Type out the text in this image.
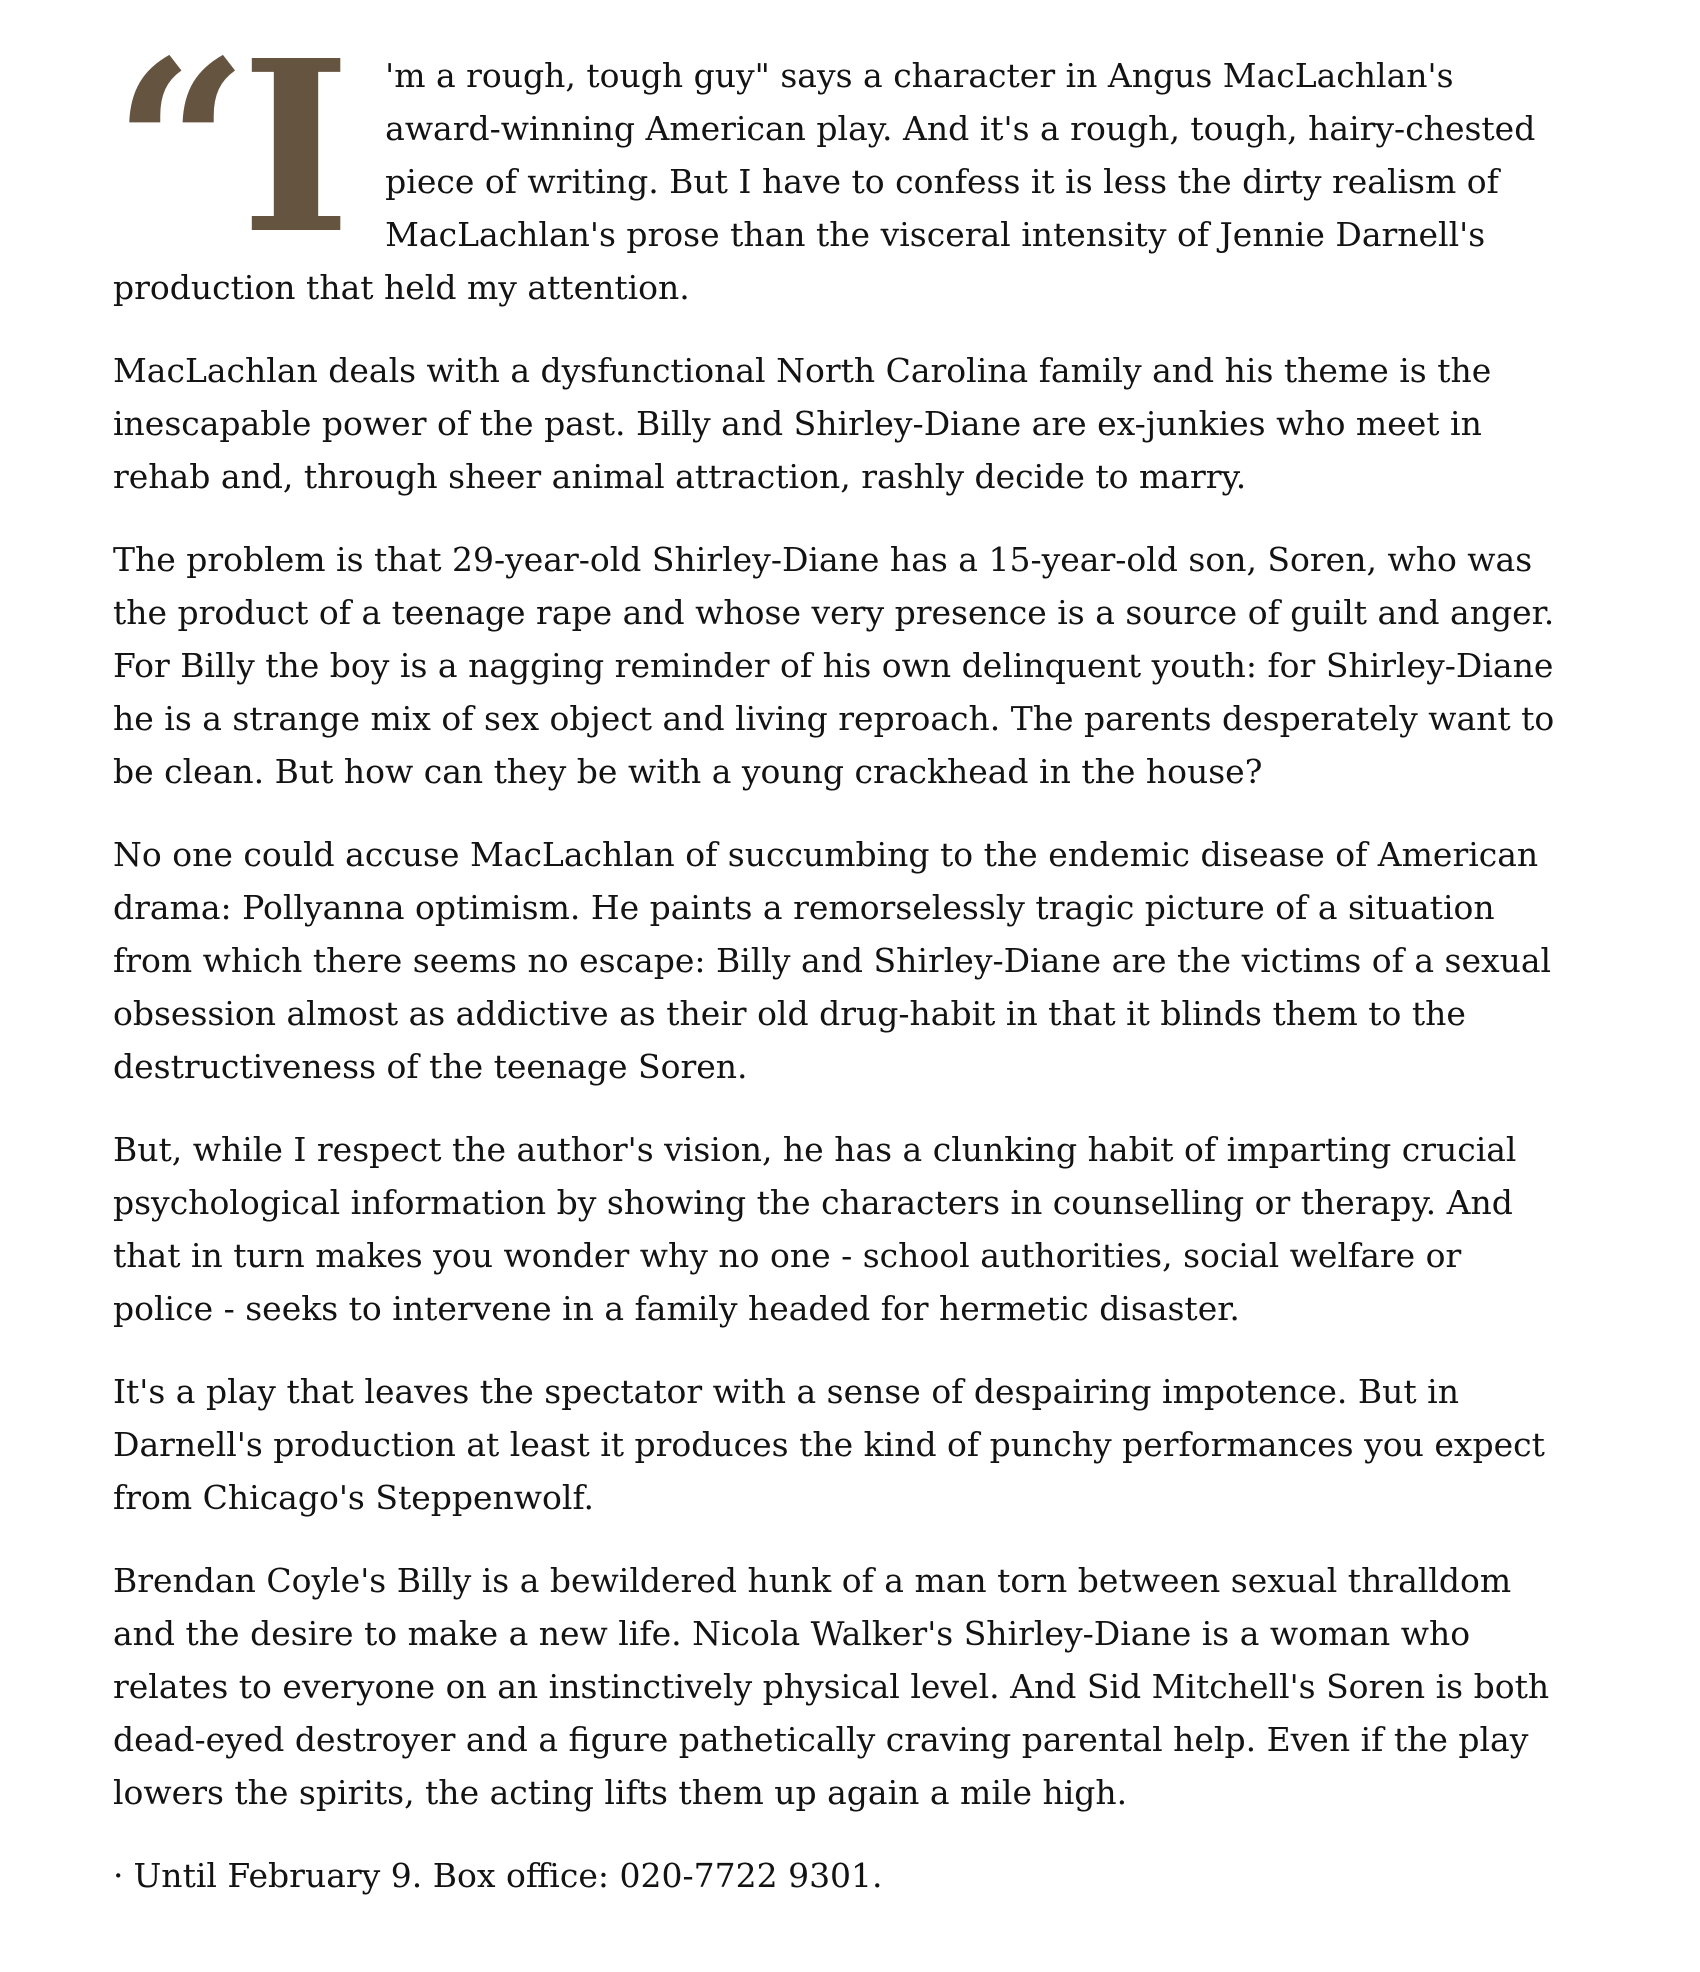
“I 'm a rough, tough guy" says a character in Angus MacLachlan's award-winning American play. And it's a rough, tough, hairy-chested piece of writing. But I have to confess it is less the dirty realism of MacLachlan's prose than the visceral intensity of Jennie Darnell's production that held my attention.

MacLachlan deals with a dysfunctional North Carolina family and his theme is the inescapable power of the past. Billy and Shirley-Diane are ex-junkies who meet in rehab and, through sheer animal attraction, rashly decide to marry.

The problem is that 29-year-old Shirley-Diane has a 15-year-old son, Soren, who was the product of a teenage rape and whose very presence is a source of guilt and anger. For Billy the boy is a nagging reminder of his own delinquent youth: for Shirley-Diane he is a strange mix of sex object and living reproach. The parents desperately want to be clean. But how can they be with a young crackhead in the house?

No one could accuse MacLachlan of succumbing to the endemic disease of American drama: Pollyanna optimism. He paints a remorselessly tragic picture of a situation from which there seems no escape: Billy and Shirley-Diane are the victims of a sexual obsession almost as addictive as their old drug-habit in that it blinds them to the destructiveness of the teenage Soren.

But, while I respect the author's vision, he has a clunking habit of imparting crucial psychological information by showing the characters in counselling or therapy. And that in turn makes you wonder why no one - school authorities, social welfare or police - seeks to intervene in a family headed for hermetic disaster.

It's a play that leaves the spectator with a sense of despairing impotence. But in Darnell's production at least it produces the kind of punchy performances you expect from Chicago's Steppenwolf.

Brendan Coyle's Billy is a bewildered hunk of a man torn between sexual thralldom and the desire to make a new life. Nicola Walker's Shirley-Diane is a woman who relates to everyone on an instinctively physical level. And Sid Mitchell's Soren is both dead-eyed destroyer and a figure pathetically craving parental help. Even if the play lowers the spirits, the acting lifts them up again a mile high.

· Until February 9. Box office: 020-7722 9301.
